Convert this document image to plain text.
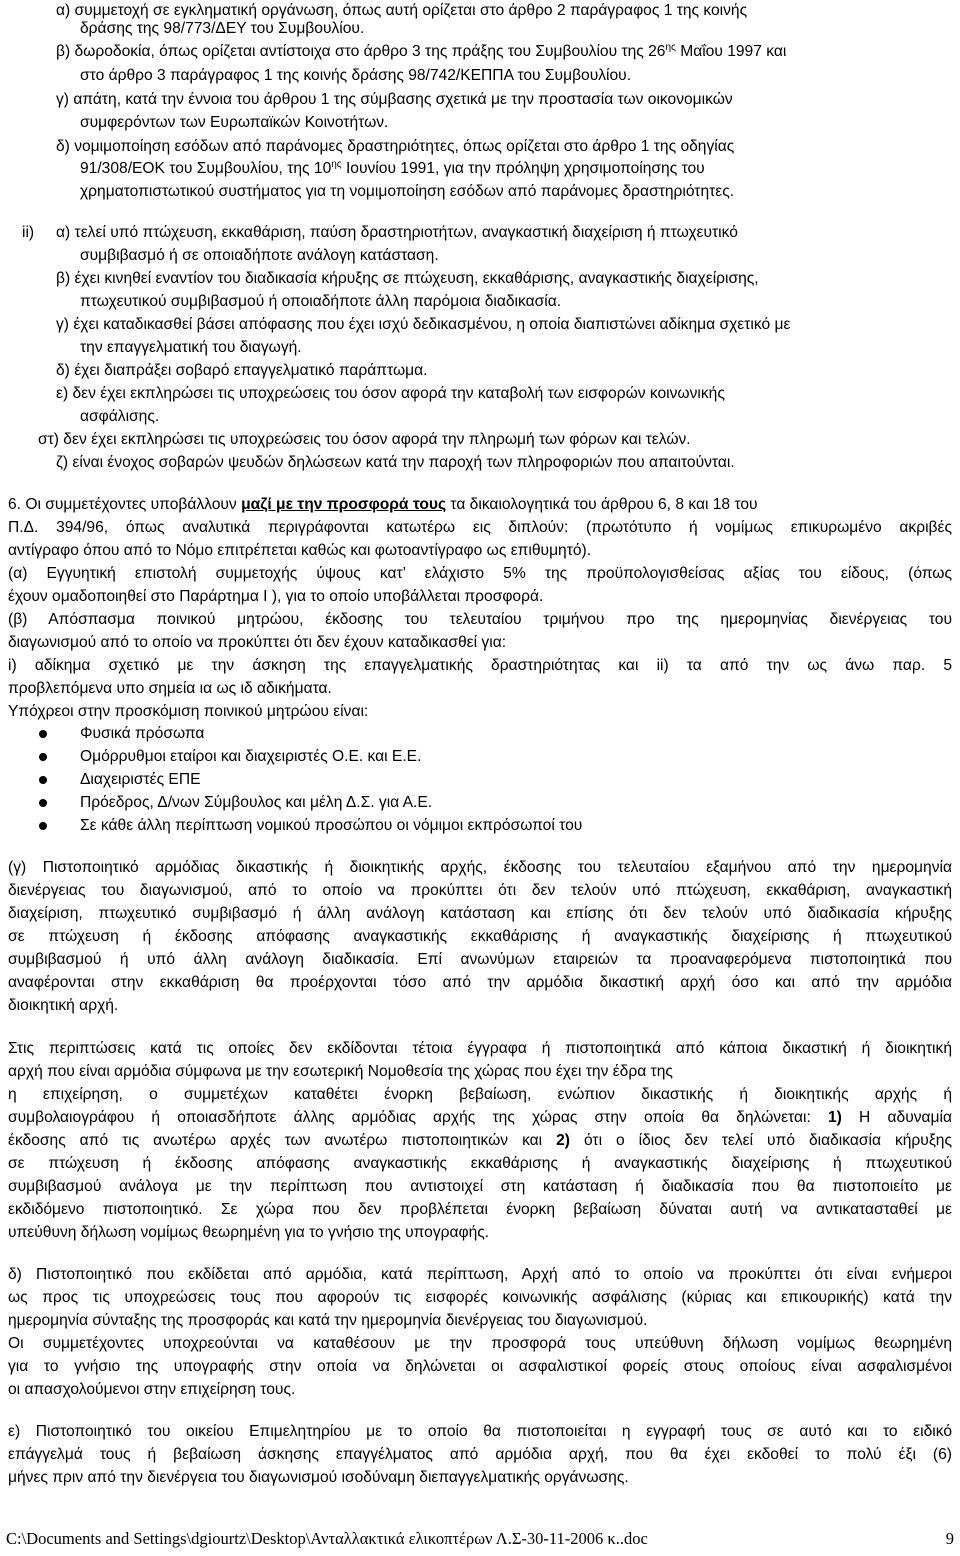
α) συμμετοχή σε εγκληματική οργάνωση, όπως αυτή ορίζεται στο άρθρο 2 παράγραφος 1 της κοινής
δράσης της 98/773/ΔΕΥ του Συμβουλίου.
β) δωροδοκία, όπως ορίζεται αντίστοιχα στο άρθρο 3 της πράξης του Συμβουλίου της $26^{\eta\varsigma}$ Μαΐου 1997 και
στο άρθρο 3 παράγραφος 1 της κοινής δράσης 98/742/ΚΕΠΠΑ του Συμβουλίου.
γ) απάτη, κατά την έννοια του άρθρου 1 της σύμβασης σχετικά με την προστασία των οικονομικών
συμφερόντων των Ευρωπαϊκών Κοινοτήτων.
δ) νομιμοποίηση εσόδων από παράνομες δραστηριότητες, όπως ορίζεται στο άρθρο 1 της οδηγίας
91/308/ΕΟΚ του Συμβουλίου, της $10^{\eta\varsigma}$ Ιουνίου 1991, για την πρόληψη χρησιμοποίησης του
χρηματοπιστωτικού συστήματος για τη νομιμοποίηση εσόδων από παράνομες δραστηριότητες.
ii) α) τελεί υπό πτώχευση, εκκαθάριση, παύση δραστηριοτήτων, αναγκαστική διαχείριση ή πτωχευτικό
συμβιβασμό ή σε οποιαδήποτε ανάλογη κατάσταση.
β) έχει κινηθεί εναντίον του διαδικασία κήρυξης σε πτώχευση, εκκαθάρισης, αναγκαστικής διαχείρισης,
πτωχευτικού συμβιβασμού ή οποιαδήποτε άλλη παρόμοια διαδικασία.
γ) έχει καταδικασθεί βάσει απόφασης που έχει ισχύ δεδικασμένου, η οποία διαπιστώνει αδίκημα σχετικό με
την επαγγελματική του διαγωγή.
δ) έχει διαπράξει σοβαρό επαγγελματικό παράπτωμα.
ε) δεν έχει εκπληρώσει τις υποχρεώσεις του όσον αφορά την καταβολή των εισφορών κοινωνικής
ασφάλισης.
στ) δεν έχει εκπληρώσει τις υποχρεώσεις του όσον αφορά την πληρωμή των φόρων και τελών.
ζ) είναι ένοχος σοβαρών ψευδών δηλώσεων κατά την παροχή των πληροφοριών που απαιτούνται.
6. Οι συμμετέχοντες υποβάλλουν μαζί με την προσφορά τους τα δικαιολογητικά του άρθρου 6, 8 και 18 του
Π.Δ. 394/96, όπως αναλυτικά περιγράφονται κατωτέρω εις διπλούν: (πρωτότυπο ή νομίμως επικυρωμένο ακριβές
αντίγραφο όπου από το Νόμο επιτρέπεται καθώς και φωτοαντίγραφο ως επιθυμητό).
(α) Εγγυητική επιστολή συμμετοχής ύψους κατ’ ελάχιστο 5% της προϋπολογισθείσας αξίας του είδους, (όπως
έχουν ομαδοποιηθεί στο Παράρτημα Ι ), για το οποίο υποβάλλεται προσφορά.
(β) Απόσπασμα ποινικού μητρώου, έκδοσης του τελευταίου τριμήνου προ της ημερομηνίας διενέργειας του
διαγωνισμού από το οποίο να προκύπτει ότι δεν έχουν καταδικασθεί για:
i) αδίκημα σχετικό με την άσκηση της επαγγελματικής δραστηριότητας και ii) τα από την ως άνω παρ. 5
προβλεπόμενα υπο σημεία ια ως ιδ αδικήματα.
Υπόχρεοι στην προσκόμιση ποινικού μητρώου είναι:
Φυσικά πρόσωπα
Ομόρρυθμοι εταίροι και διαχειριστές Ο.Ε. και Ε.Ε.
Διαχειριστές ΕΠΕ
Πρόεδρος, Δ/νων Σύμβουλος και μέλη Δ.Σ. για Α.Ε.
Σε κάθε άλλη περίπτωση νομικού προσώπου οι νόμιμοι εκπρόσωποί του
(γ) Πιστοποιητικό αρμόδιας δικαστικής ή διοικητικής αρχής, έκδοσης του τελευταίου εξαμήνου από την ημερομηνία
διενέργειας του διαγωνισμού, από το οποίο να προκύπτει ότι δεν τελούν υπό πτώχευση, εκκαθάριση, αναγκαστική
διαχείριση, πτωχευτικό συμβιβασμό ή άλλη ανάλογη κατάσταση και επίσης ότι δεν τελούν υπό διαδικασία κήρυξης
σε πτώχευση ή έκδοσης απόφασης αναγκαστικής εκκαθάρισης ή αναγκαστικής διαχείρισης ή πτωχευτικού
συμβιβασμού ή υπό άλλη ανάλογη διαδικασία. Επί ανωνύμων εταιρειών τα προαναφερόμενα πιστοποιητικά που
αναφέρονται στην εκκαθάριση θα προέρχονται τόσο από την αρμόδια δικαστική αρχή όσο και από την αρμόδια
διοικητική αρχή.
Στις περιπτώσεις κατά τις οποίες δεν εκδίδονται τέτοια έγγραφα ή πιστοποιητικά από κάποια δικαστική ή διοικητική
αρχή που είναι αρμόδια σύμφωνα με την εσωτερική Νομοθεσία της χώρας που έχει την έδρα της
η επιχείρηση, ο συμμετέχων καταθέτει ένορκη βεβαίωση, ενώπιον δικαστικής ή διοικητικής αρχής ή
συμβολαιογράφου ή οποιασδήποτε άλλης αρμόδιας αρχής της χώρας στην οποία θα δηλώνεται: 1) Η αδυναμία
έκδοσης από τις ανωτέρω αρχές των ανωτέρω πιστοποιητικών και 2) ότι ο ίδιος δεν τελεί υπό διαδικασία κήρυξης
σε πτώχευση ή έκδοσης απόφασης αναγκαστικής εκκαθάρισης ή αναγκαστικής διαχείρισης ή πτωχευτικού
συμβιβασμού ανάλογα με την περίπτωση που αντιστοιχεί στη κατάσταση ή διαδικασία που θα πιστοποιείτο με
εκδιδόμενο πιστοποιητικό. Σε χώρα που δεν προβλέπεται ένορκη βεβαίωση δύναται αυτή να αντικατασταθεί με
υπεύθυνη δήλωση νομίμως θεωρημένη για το γνήσιο της υπογραφής.
δ) Πιστοποιητικό που εκδίδεται από αρμόδια, κατά περίπτωση, Αρχή από το οποίο να προκύπτει ότι είναι ενήμεροι
ως προς τις υποχρεώσεις τους που αφορούν τις εισφορές κοινωνικής ασφάλισης (κύριας και επικουρικής) κατά την
ημερομηνία σύνταξης της προσφοράς και κατά την ημερομηνία διενέργειας του διαγωνισμού.
Οι συμμετέχοντες υποχρεούνται να καταθέσουν με την προσφορά τους υπεύθυνη δήλωση νομίμως θεωρημένη
για το γνήσιο της υπογραφής στην οποία να δηλώνεται οι ασφαλιστικοί φορείς στους οποίους είναι ασφαλισμένοι
οι απασχολούμενοι στην επιχείρηση τους.
ε) Πιστοποιητικό του οικείου Επιμελητηρίου με το οποίο θα πιστοποιείται η εγγραφή τους σε αυτό και το ειδικό
επάγγελμά τους ή βεβαίωση άσκησης επαγγέλματος από αρμόδια αρχή, που θα έχει εκδοθεί το πολύ έξι (6)
μήνες πριν από την διενέργεια του διαγωνισμού ισοδύναμη διεπαγγελματικής οργάνωσης.
C:\Documents and Settings\dgiourtz\Desktop\Ανταλλακτικά ελικοπτέρων Λ.Σ-30-11-2006 κ..doc	9
